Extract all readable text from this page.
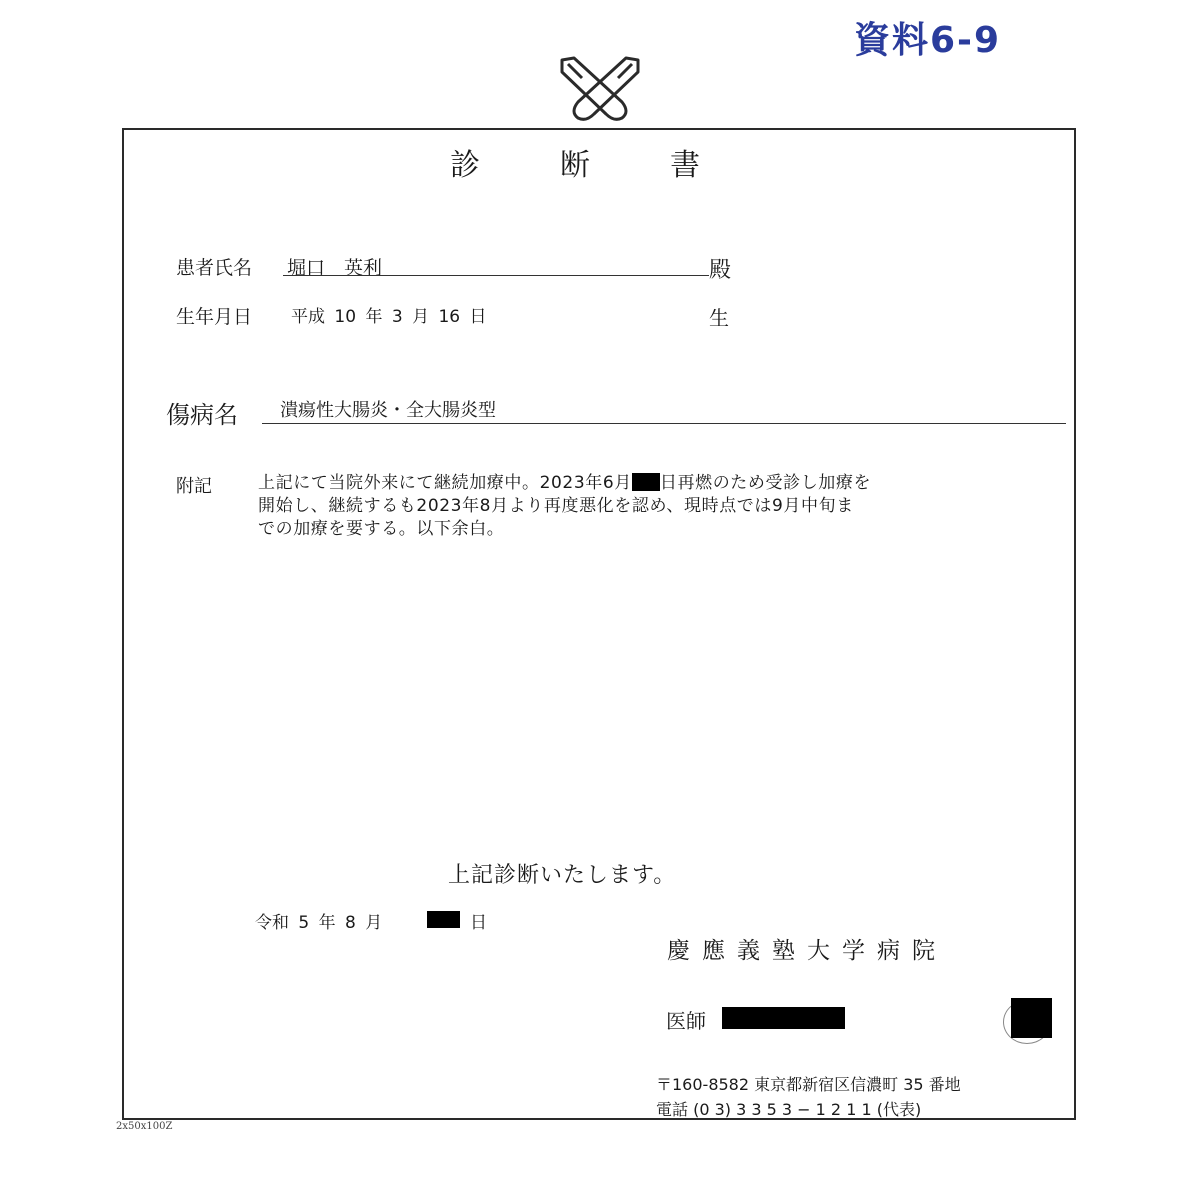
資料6-9
診断書
患者氏名 堀口　英利	殿
生年月日 平成 10 年 3 月 16 日	生
傷病名 潰瘍性大腸炎・全大腸炎型
附記	上記にて当院外来にて継続加療中。2023年6月 日再燃のため受診し加療を

開始し、継続するも2023年8月より再度悪化を認め、現時点では9月中旬ま

での加療を要する。以下余白。

上記診断いたします。
令和 5 年 8 月	日
慶應義塾大学病院
医師
〒160-8582 東京都新宿区信濃町 35 番地
電話 (0 3) 3 3 5 3 − 1 2 1 1 (代表)
2x50x100Z
